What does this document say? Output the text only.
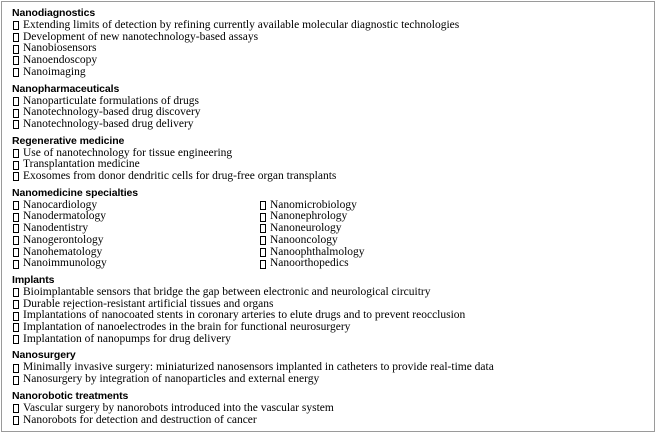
Nanodiagnostics
Extending limits of detection by refining currently available molecular diagnostic technologies
Development of new nanotechnology-based assays
Nanobiosensors
Nanoendoscopy
Nanoimaging
Nanopharmaceuticals
Nanoparticulate formulations of drugs
Nanotechnology-based drug discovery
Nanotechnology-based drug delivery
Regenerative medicine
Use of nanotechnology for tissue engineering
Transplantation medicine
Exosomes from donor dendritic cells for drug-free organ transplants
Nanomedicine specialties
Nanocardiology
Nanodermatology
Nanodentistry
Nanogerontology
Nanohematology
Nanoimmunology
Nanomicrobiology
Nanonephrology
Nanoneurology
Nanooncology
Nanoophthalmology
Nanoorthopedics
Implants
Bioimplantable sensors that bridge the gap between electronic and neurological circuitry
Durable rejection-resistant artificial tissues and organs
Implantations of nanocoated stents in coronary arteries to elute drugs and to prevent reocclusion
Implantation of nanoelectrodes in the brain for functional neurosurgery
Implantation of nanopumps for drug delivery
Nanosurgery
Minimally invasive surgery: miniaturized nanosensors implanted in catheters to provide real-time data
Nanosurgery by integration of nanoparticles and external energy
Nanorobotic treatments
Vascular surgery by nanorobots introduced into the vascular system
Nanorobots for detection and destruction of cancer
